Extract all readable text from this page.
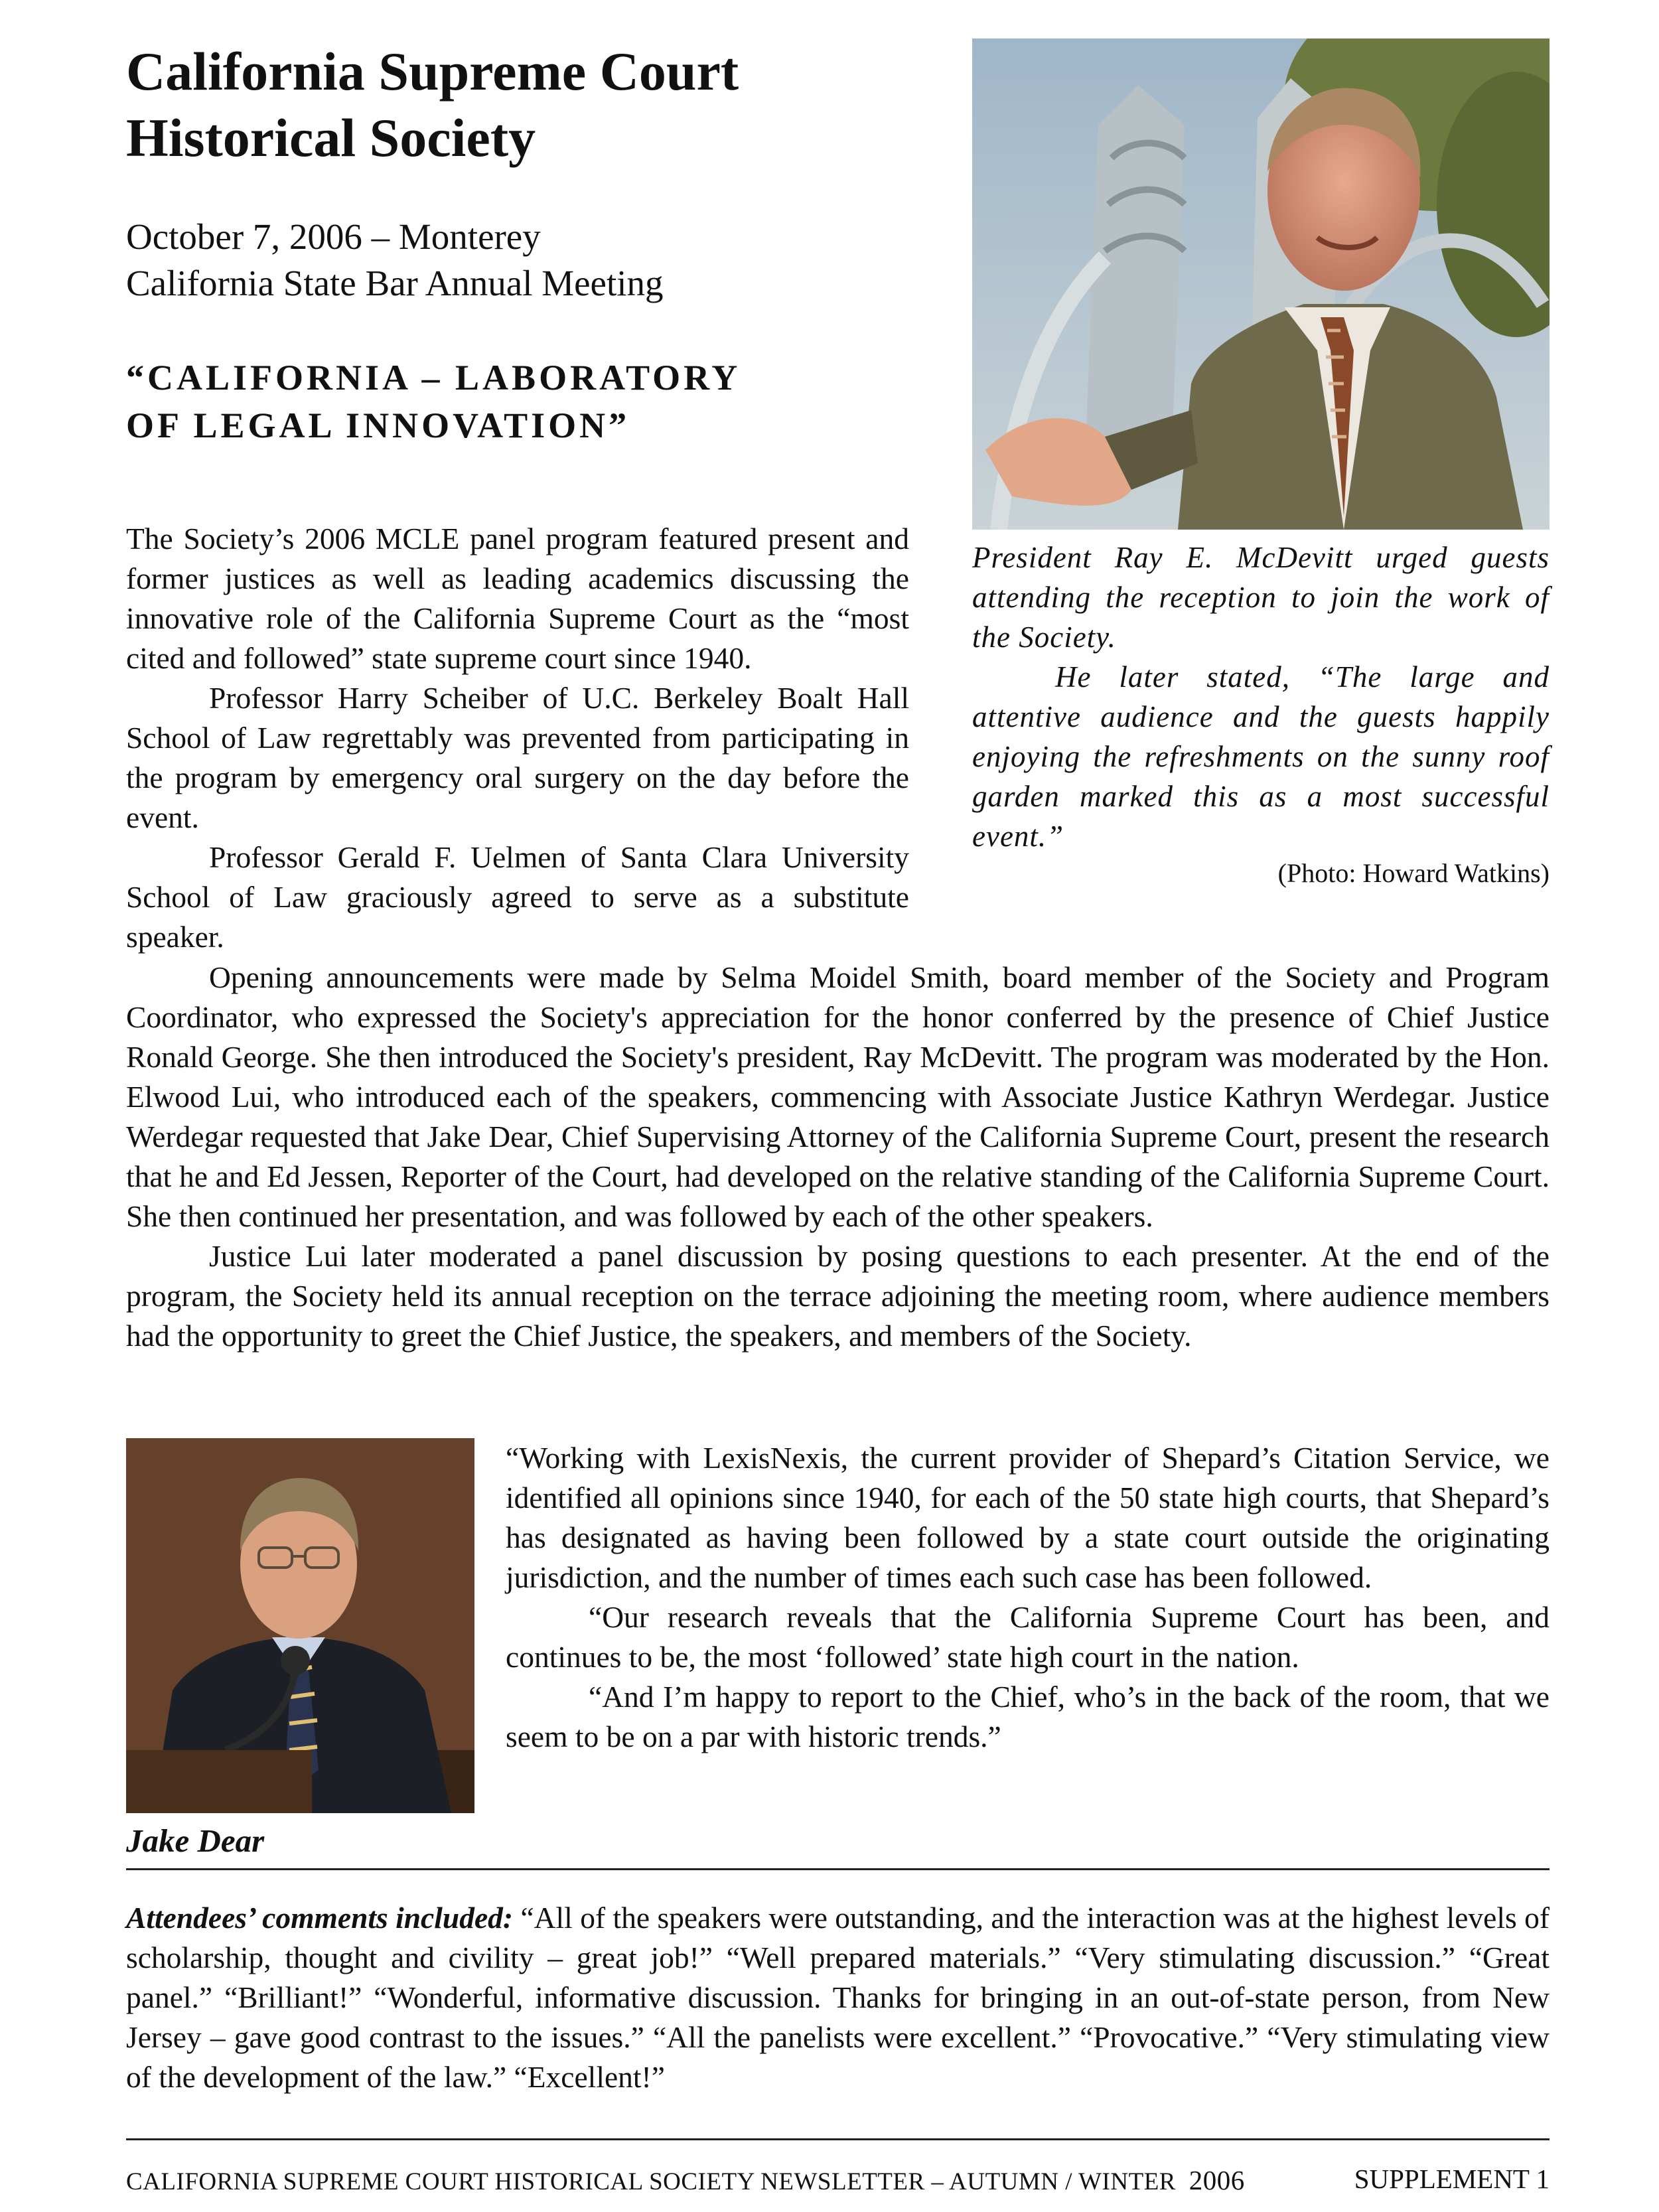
California Supreme Court
Historical Society
October 7, 2006 – Monterey
California State Bar Annual Meeting
“CALIFORNIA – LABORATORY
OF LEGAL INNOVATION”

The Society’s 2006 MCLE panel program featured present and former justices as well as leading academics discussing the innovative role of the California Supreme Court as the “most cited and followed” state supreme court since 1940.

Professor Harry Scheiber of U.C. Berkeley Boalt Hall School of Law regrettably was prevented from participating in the program by emergency oral surgery on the day before the event.

Professor Gerald F. Uelmen of Santa Clara University School of Law graciously agreed to serve as a substitute speaker.

President Ray E. McDevitt urged guests attending the reception to join the work of the Society.

He later stated, “The large and attentive audience and the guests happily enjoying the refreshments on the sunny roof garden marked this as a most successful event.”

(Photo: Howard Watkins)

Opening announcements were made by Selma Moidel Smith, board member of the Society and Program Coordinator, who expressed the Society's appreciation for the honor conferred by the presence of Chief Justice Ronald George. She then introduced the Society's president, Ray McDevitt. The program was moderated by the Hon. Elwood Lui, who introduced each of the speakers, commencing with Associate Justice Kathryn Werdegar. Justice Werdegar requested that Jake Dear, Chief Supervising Attorney of the California Supreme Court, present the research that he and Ed Jessen, Reporter of the Court, had developed on the relative standing of the California Supreme Court. She then continued her presentation, and was followed by each of the other speakers.

Justice Lui later moderated a panel discussion by posing questions to each presenter. At the end of the program, the Society held its annual reception on the terrace adjoining the meeting room, where audience members had the opportunity to greet the Chief Justice, the speakers, and members of the Society.

Jake Dear

“Working with LexisNexis, the current provider of Shepard’s Citation Service, we identified all opinions since 1940, for each of the 50 state high courts, that Shepard’s has designated as having been followed by a state court outside the originating jurisdiction, and the number of times each such case has been followed.

“Our research reveals that the California Supreme Court has been, and continues to be, the most ‘followed’ state high court in the nation.

“And I’m happy to report to the Chief, who’s in the back of the room, that we seem to be on a par with historic trends.”

Attendees’ comments included: “All of the speakers were outstanding, and the interaction was at the highest levels of scholarship, thought and civility – great job!” “Well prepared materials.” “Very stimulating discussion.” “Great panel.” “Brilliant!” “Wonderful, informative discussion. Thanks for bringing in an out-of-state person, from New Jersey – gave good contrast to the issues.” “All the panelists were excellent.” “Provocative.” “Very stimulating view of the development of the law.” “Excellent!”

CALIFORNIA SUPREME COURT HISTORICAL SOCIETY NEWSLETTER – AUTUMN / WINTER 2006	SUPPLEMENT 1
